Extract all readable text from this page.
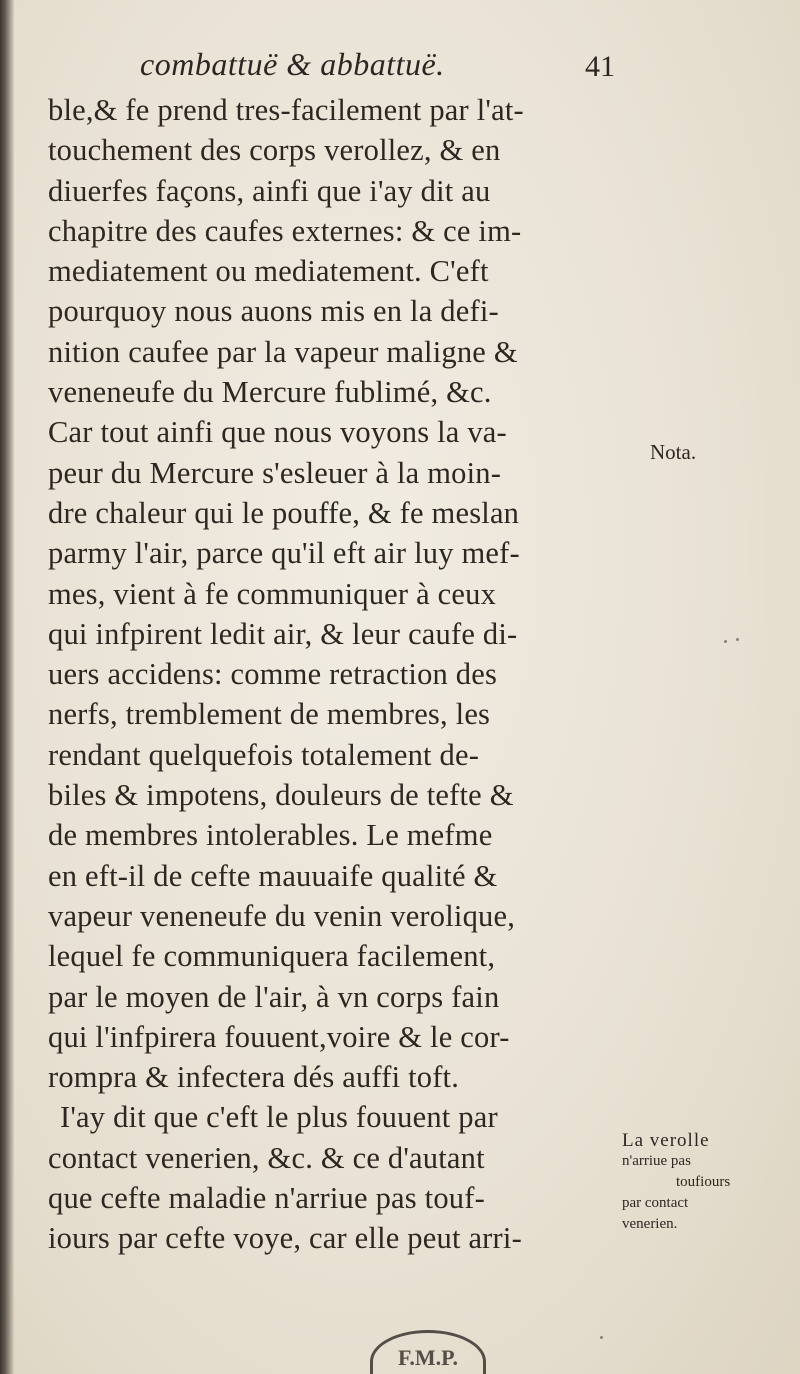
combattuë & abbattuë.	41
ble,& fe prend tres-facilement par l'at-
touchement des corps verollez, & en
diuerfes façons, ainfi que i'ay dit au
chapitre des caufes externes: & ce im-
mediatement ou mediatement. C'eft
pourquoy nous auons mis en la defi-
nition caufee par la vapeur maligne &
veneneufe du Mercure fublimé, &c.
Car tout ainfi que nous voyons la va-
peur du Mercure s'esleuer à la moin-
dre chaleur qui le pouffe, & fe meslan
parmy l'air, parce qu'il eft air luy mef-
mes, vient à fe communiquer à ceux
qui infpirent ledit air, & leur caufe di-
uers accidens: comme retraction des
nerfs, tremblement de membres, les
rendant quelquefois totalement de-
biles & impotens, douleurs de tefte &
de membres intolerables. Le mefme
en eft-il de cefte mauuaife qualité &
vapeur veneneufe du venin verolique,
lequel fe communiquera facilement,
par le moyen de l'air, à vn corps fain
qui l'infpirera fouuent,voire & le cor-
rompra & infectera dés auffi toft.
I'ay dit que c'eft le plus fouuent par
contact venerien, &c. & ce d'autant
que cefte maladie n'arriue pas touf-
iours par cefte voye, car elle peut arri-
Nota.
La verolle
n'arriue pas
toufiours
par contact
venerien.
F.M.P.
